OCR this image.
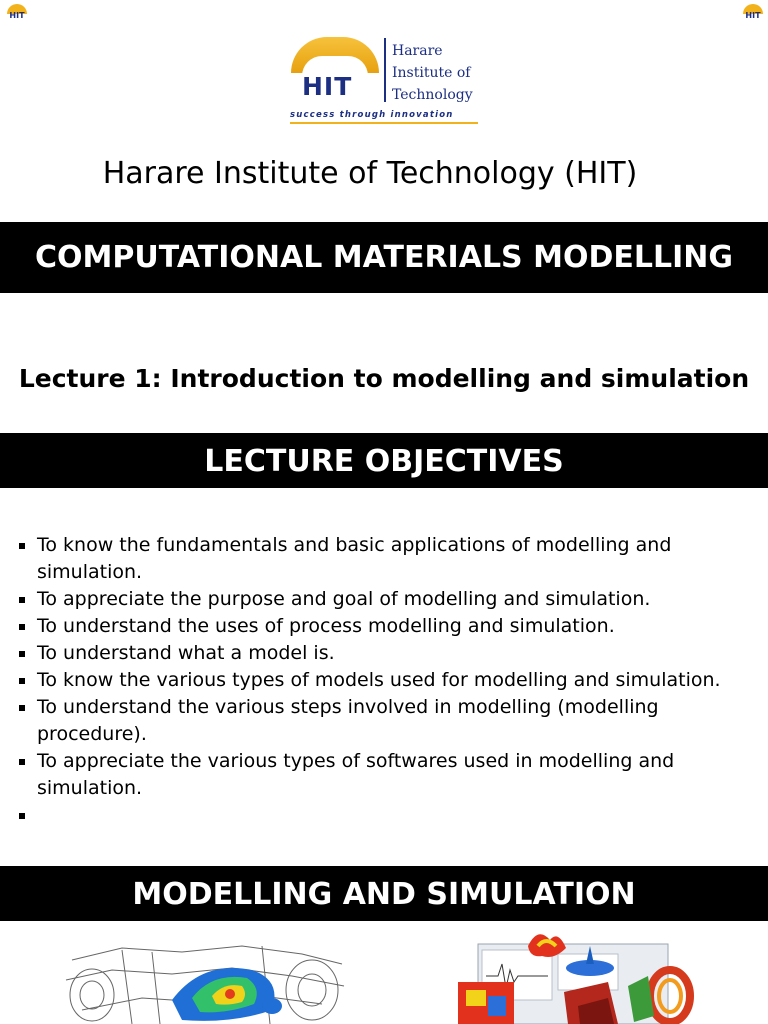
HIT	HIT
HIT
Harare
Institute of
Technology
success through innovation
Harare Institute of Technology (HIT)
COMPUTATIONAL MATERIALS MODELLING
Lecture 1: Introduction to modelling and simulation
LECTURE OBJECTIVES
To know the fundamentals and basic applications of modelling and simulation.
To appreciate the purpose and goal of modelling and simulation.
To understand the uses of process modelling and simulation.
To understand what a model is.
To know the various types of models used for modelling and simulation.
To understand the various steps involved in modelling (modelling procedure).
To appreciate the various types of softwares used in modelling and simulation.
MODELLING AND SIMULATION
